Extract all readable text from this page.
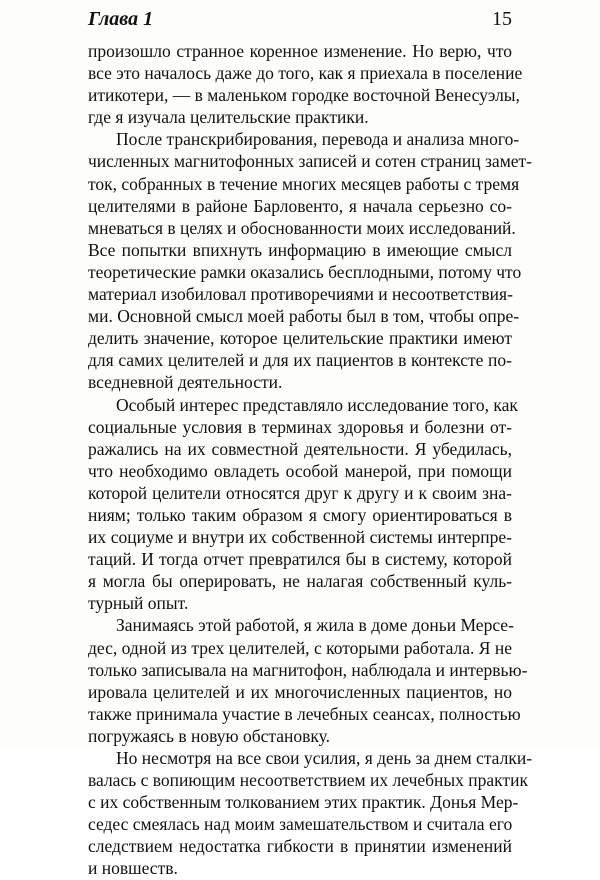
Глава 1	15
произошло странное коренное изменение. Но верю, что
все это началось даже до того, как я приехала в поселение
итикотери, — в маленьком городке восточной Венесуэлы,
где я изучала целительские практики.
После транскрибирования, перевода и анализа много-
численных магнитофонных записей и сотен страниц замет-
ток, собранных в течение многих месяцев работы с тремя
целителями в районе Барловенто, я начала серьезно со-
мневаться в целях и обоснованности моих исследований.
Все попытки впихнуть информацию в имеющие смысл
теоретические рамки оказались бесплодными, потому что
материал изобиловал противоречиями и несоответствия-
ми. Основной смысл моей работы был в том, чтобы опре-
делить значение, которое целительские практики имеют
для самих целителей и для их пациентов в контексте по-
вседневной деятельности.
Особый интерес представляло исследование того, как
социальные условия в терминах здоровья и болезни от-
ражались на их совместной деятельности. Я убедилась,
что необходимо овладеть особой манерой, при помощи
которой целители относятся друг к другу и к своим зна-
ниям; только таким образом я смогу ориентироваться в
их социуме и внутри их собственной системы интерпре-
таций. И тогда отчет превратился бы в систему, которой
я могла бы оперировать, не налагая собственный куль-
турный опыт.
Занимаясь этой работой, я жила в доме доньи Мерсе-
дес, одной из трех целителей, с которыми работала. Я не
только записывала на магнитофон, наблюдала и интервью-
ировала целителей и их многочисленных пациентов, но
также принимала участие в лечебных сеансах, полностью
погружаясь в новую обстановку.
Но несмотря на все свои усилия, я день за днем сталки-
валась с вопиющим несоответствием их лечебных практик
с их собственным толкованием этих практик. Донья Мер-
седес смеялась над моим замешательством и считала его
следствием недостатка гибкости в принятии изменений
и новшеств.
